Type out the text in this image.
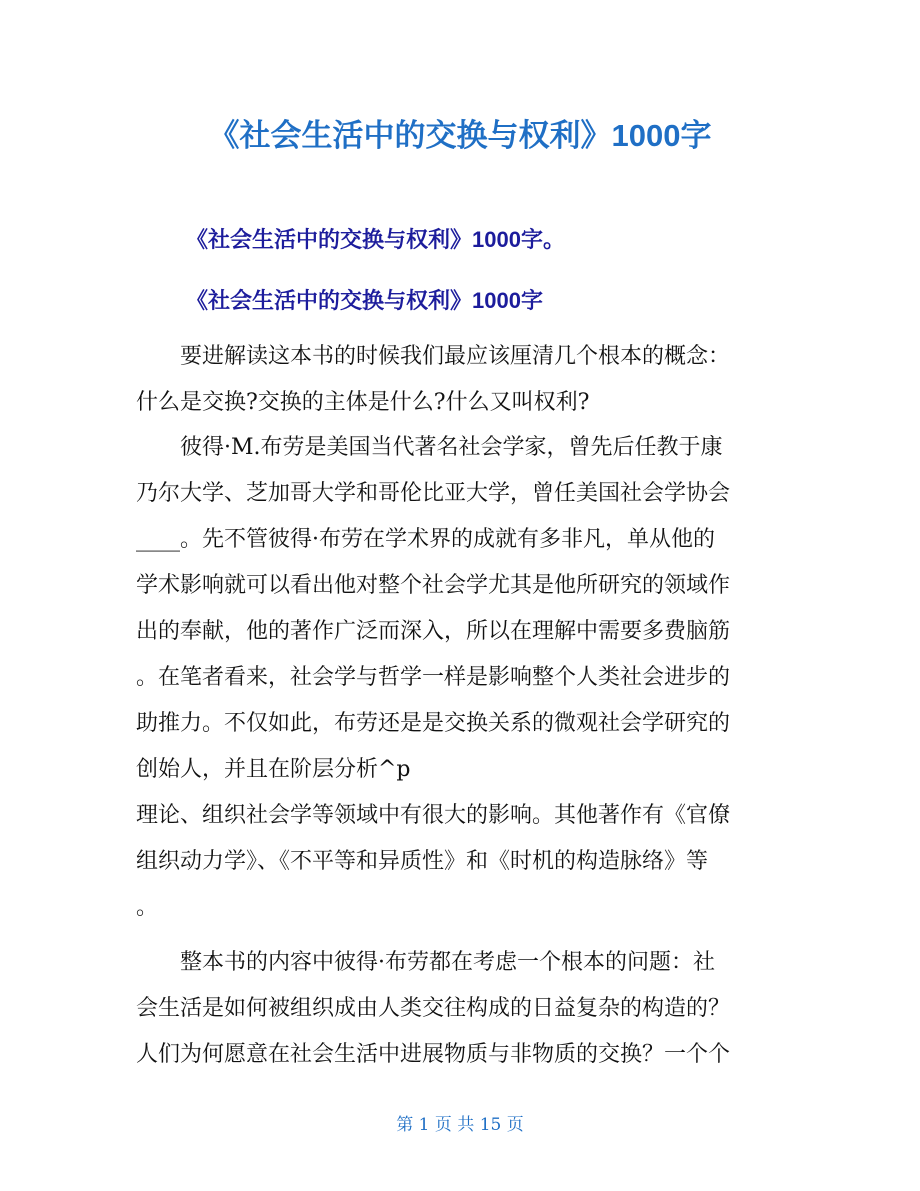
《社会生活中的交换与权利》1000字
《社会生活中的交换与权利》1000字。
《社会生活中的交换与权利》1000字
要进解读这本书的时候我们最应该厘清几个根本的概念：
什么是交换?交换的主体是什么?什么又叫权利?
彼得·M.布劳是美国当代著名社会学家，曾先后任教于康
乃尔大学、芝加哥大学和哥伦比亚大学，曾任美国社会学协会
____。先不管彼得·布劳在学术界的成就有多非凡，单从他的
学术影响就可以看出他对整个社会学尤其是他所研究的领域作
出的奉献，他的著作广泛而深入，所以在理解中需要多费脑筋
。在笔者看来，社会学与哲学一样是影响整个人类社会进步的
助推力。不仅如此，布劳还是是交换关系的微观社会学研究的
创始人，并且在阶层分析^p
理论、组织社会学等领域中有很大的影响。其他著作有《官僚
组织动力学》、《不平等和异质性》和《时机的构造脉络》等
。
整本书的内容中彼得·布劳都在考虑一个根本的问题：社
会生活是如何被组织成由人类交往构成的日益复杂的构造的？
人们为何愿意在社会生活中进展物质与非物质的交换？一个个
第 1 页 共 15 页
